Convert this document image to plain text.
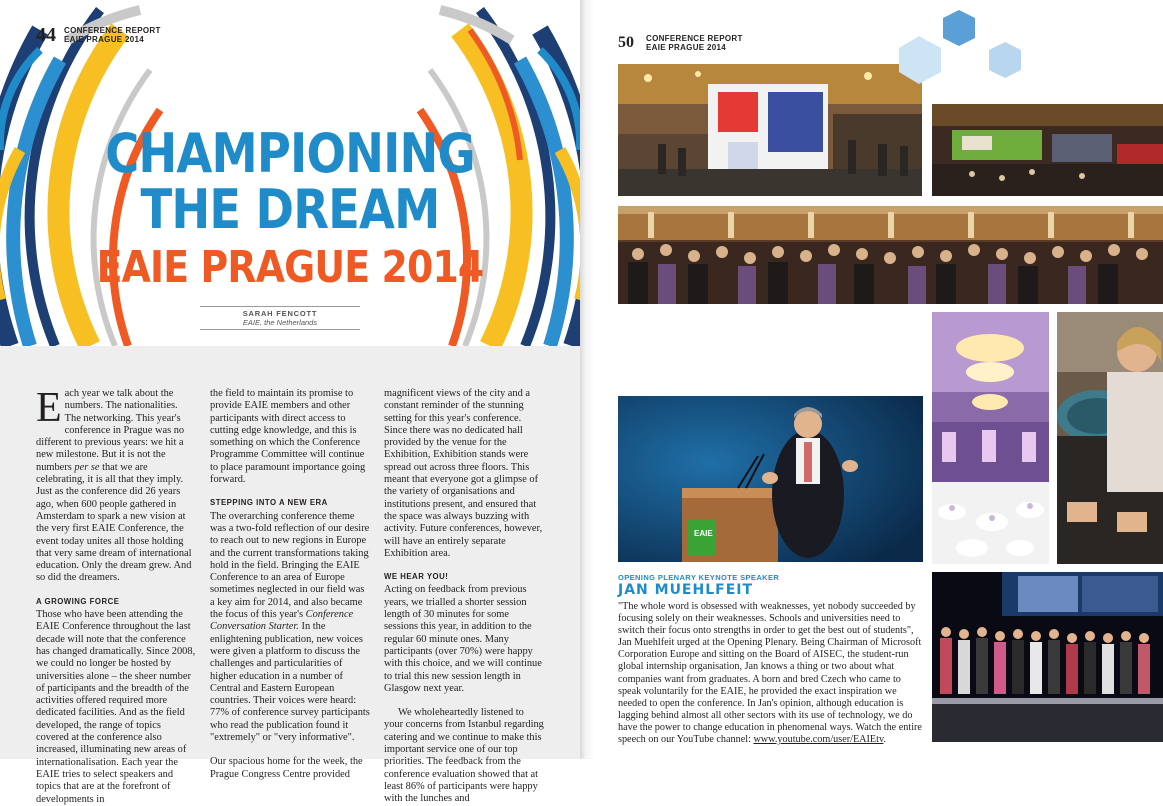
44 CONFERENCE REPORT
EAIE PRAGUE 2014
CHAMPIONING
THE DREAM
EAIE PRAGUE 2014
SARAH FENCOTT
EAIE, the Netherlands

Each year we talk about the numbers. The nationalities. The networking. This year's conference in Prague was no different to previous years: we hit a new milestone. But it is not the numbers per se that we are celebrating, it is all that they imply. Just as the conference did 26 years ago, when 600 people gathered in Amsterdam to spark a new vision at the very first EAIE Conference, the event today unites all those holding that very same dream of international education. Only the dream grew. And so did the dreamers.

A GROWING FORCE

Those who have been attending the EAIE Conference throughout the last decade will note that the conference has changed dramatically. Since 2008, we could no longer be hosted by universities alone – the sheer number of participants and the breadth of the activities offered required more dedicated facilities. And as the field developed, the range of topics covered at the conference also increased, illuminating new areas of internationalisation. Each year the EAIE tries to select speakers and topics that are at the forefront of developments in

the field to maintain its promise to provide EAIE members and other participants with direct access to cutting edge knowledge, and this is something on which the Conference Programme Committee will continue to place paramount importance going forward.

STEPPING INTO A NEW ERA

The overarching conference theme was a two-fold reflection of our desire to reach out to new regions in Europe and the current transformations taking hold in the field. Bringing the EAIE Conference to an area of Europe sometimes neglected in our field was a key aim for 2014, and also became the focus of this year's Conference Conversation Starter. In the enlightening publication, new voices were given a platform to discuss the challenges and particularities of higher education in a number of Central and Eastern European countries. Their voices were heard: 77% of conference survey participants who read the publication found it "extremely" or "very informative".

Our spacious home for the week, the Prague Congress Centre provided

magnificent views of the city and a constant reminder of the stunning setting for this year's conference. Since there was no dedicated hall provided by the venue for the Exhibition, Exhibition stands were spread out across three floors. This meant that everyone got a glimpse of the variety of organisations and institutions present, and ensured that the space was always buzzing with activity. Future conferences, however, will have an entirely separate Exhibition area.

WE HEAR YOU!

Acting on feedback from previous years, we trialled a shorter session length of 30 minutes for some sessions this year, in addition to the regular 60 minute ones. Many participants (over 70%) were happy with this choice, and we will continue to trial this new session length in Glasgow next year.

We wholeheartedly listened to your concerns from Istanbul regarding catering and we continue to make this important service one of our top priorities. The feedback from the conference evaluation showed that at least 86% of participants were happy with the lunches and

50 CONFERENCE REPORT
EAIE PRAGUE 2014
EAIE
OPENING PLENARY KEYNOTE SPEAKER
JAN MUEHLFEIT
"The whole word is obsessed with weaknesses, yet nobody succeeded by focusing solely on their weaknesses. Schools and universities need to switch their focus onto strengths in order to get the best out of students", Jan Muehlfeit urged at the Opening Plenary. Being Chairman of Microsoft Corporation Europe and sitting on the Board of AISEC, the student-run global internship organisation, Jan knows a thing or two about what companies want from graduates. A born and bred Czech who came to speak voluntarily for the EAIE, he provided the exact inspiration we needed to open the conference. In Jan's opinion, although education is lagging behind almost all other sectors with its use of technology, we do have the power to change education in phenomenal ways. Watch the entire speech on our YouTube channel: www.youtube.com/user/EAIEtv.
